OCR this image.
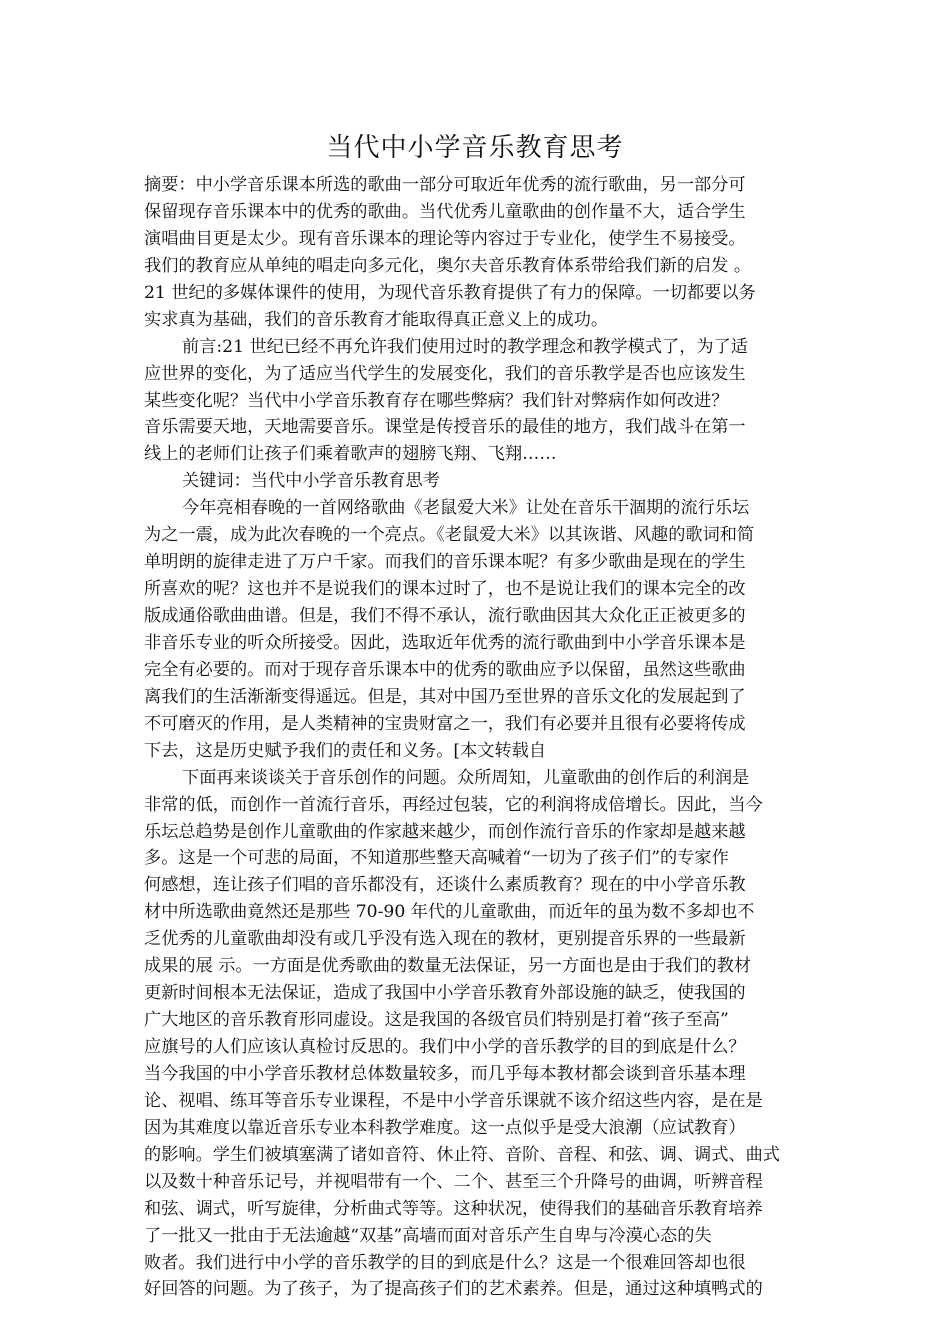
当代中小学音乐教育思考
摘要：中小学音乐课本所选的歌曲一部分可取近年优秀的流行歌曲，另一部分可
保留现存音乐课本中的优秀的歌曲。当代优秀儿童歌曲的创作量不大，适合学生
演唱曲目更是太少。现有音乐课本的理论等内容过于专业化，使学生不易接受。
我们的教育应从单纯的唱走向多元化，奥尔夫音乐教育体系带给我们新的启发 。
21 世纪的多媒体课件的使用，为现代音乐教育提供了有力的保障。一切都要以务
实求真为基础，我们的音乐教育才能取得真正意义上的成功。
前言:21 世纪已经不再允许我们使用过时的教学理念和教学模式了，为了适
应世界的变化，为了适应当代学生的发展变化，我们的音乐教学是否也应该发生
某些变化呢？当代中小学音乐教育存在哪些弊病？我们针对弊病作如何改进？
音乐需要天地，天地需要音乐。课堂是传授音乐的最佳的地方，我们战斗在第一
线上的老师们让孩子们乘着歌声的翅膀飞翔、飞翔……
关键词：当代中小学音乐教育思考
今年亮相春晚的一首网络歌曲《老鼠爱大米》让处在音乐干涸期的流行乐坛
为之一震，成为此次春晚的一个亮点。《老鼠爱大米》以其诙谐、风趣的歌词和简
单明朗的旋律走进了万户千家。而我们的音乐课本呢？有多少歌曲是现在的学生
所喜欢的呢？这也并不是说我们的课本过时了，也不是说让我们的课本完全的改
版成通俗歌曲曲谱。但是，我们不得不承认，流行歌曲因其大众化正正被更多的
非音乐专业的听众所接受。因此，选取近年优秀的流行歌曲到中小学音乐课本是
完全有必要的。而对于现存音乐课本中的优秀的歌曲应予以保留，虽然这些歌曲
离我们的生活渐渐变得遥远。但是，其对中国乃至世界的音乐文化的发展起到了
不可磨灭的作用，是人类精神的宝贵财富之一，我们有必要并且很有必要将传成
下去，这是历史赋予我们的责任和义务。[本文转载自
下面再来谈谈关于音乐创作的问题。众所周知，儿童歌曲的创作后的利润是
非常的低，而创作一首流行音乐，再经过包装，它的利润将成倍增长。因此，当今
乐坛总趋势是创作儿童歌曲的作家越来越少，而创作流行音乐的作家却是越来越
多。这是一个可悲的局面，不知道那些整天高喊着“一切为了孩子们”的专家作
何感想，连让孩子们唱的音乐都没有，还谈什么素质教育？现在的中小学音乐教
材中所选歌曲竟然还是那些 70-90 年代的儿童歌曲，而近年的虽为数不多却也不
乏优秀的儿童歌曲却没有或几乎没有选入现在的教材，更别提音乐界的一些最新
成果的展 示。一方面是优秀歌曲的数量无法保证，另一方面也是由于我们的教材
更新时间根本无法保证，造成了我国中小学音乐教育外部设施的缺乏，使我国的
广大地区的音乐教育形同虚设。这是我国的各级官员们特别是打着“孩子至高”
应旗号的人们应该认真检讨反思的。我们中小学的音乐教学的目的到底是什么？
当今我国的中小学音乐教材总体数量较多，而几乎每本教材都会谈到音乐基本理
论、视唱、练耳等音乐专业课程，不是中小学音乐课就不该介绍这些内容，是在是
因为其难度以靠近音乐专业本科教学难度。这一点似乎是受大浪潮（应试教育）
的影响。学生们被填塞满了诸如音符、休止符、音阶、音程、和弦、调、调式、曲式
以及数十种音乐记号，并视唱带有一个、二个、甚至三个升降号的曲调，听辨音程
和弦、调式，听写旋律，分析曲式等等。这种状况，使得我们的基础音乐教育培养
了一批又一批由于无法逾越“双基”高墙而面对音乐产生自卑与冷漠心态的失
败者。我们进行中小学的音乐教学的目的到底是什么？这是一个很难回答却也很
好回答的问题。为了孩子，为了提高孩子们的艺术素养。但是，通过这种填鸭式的
